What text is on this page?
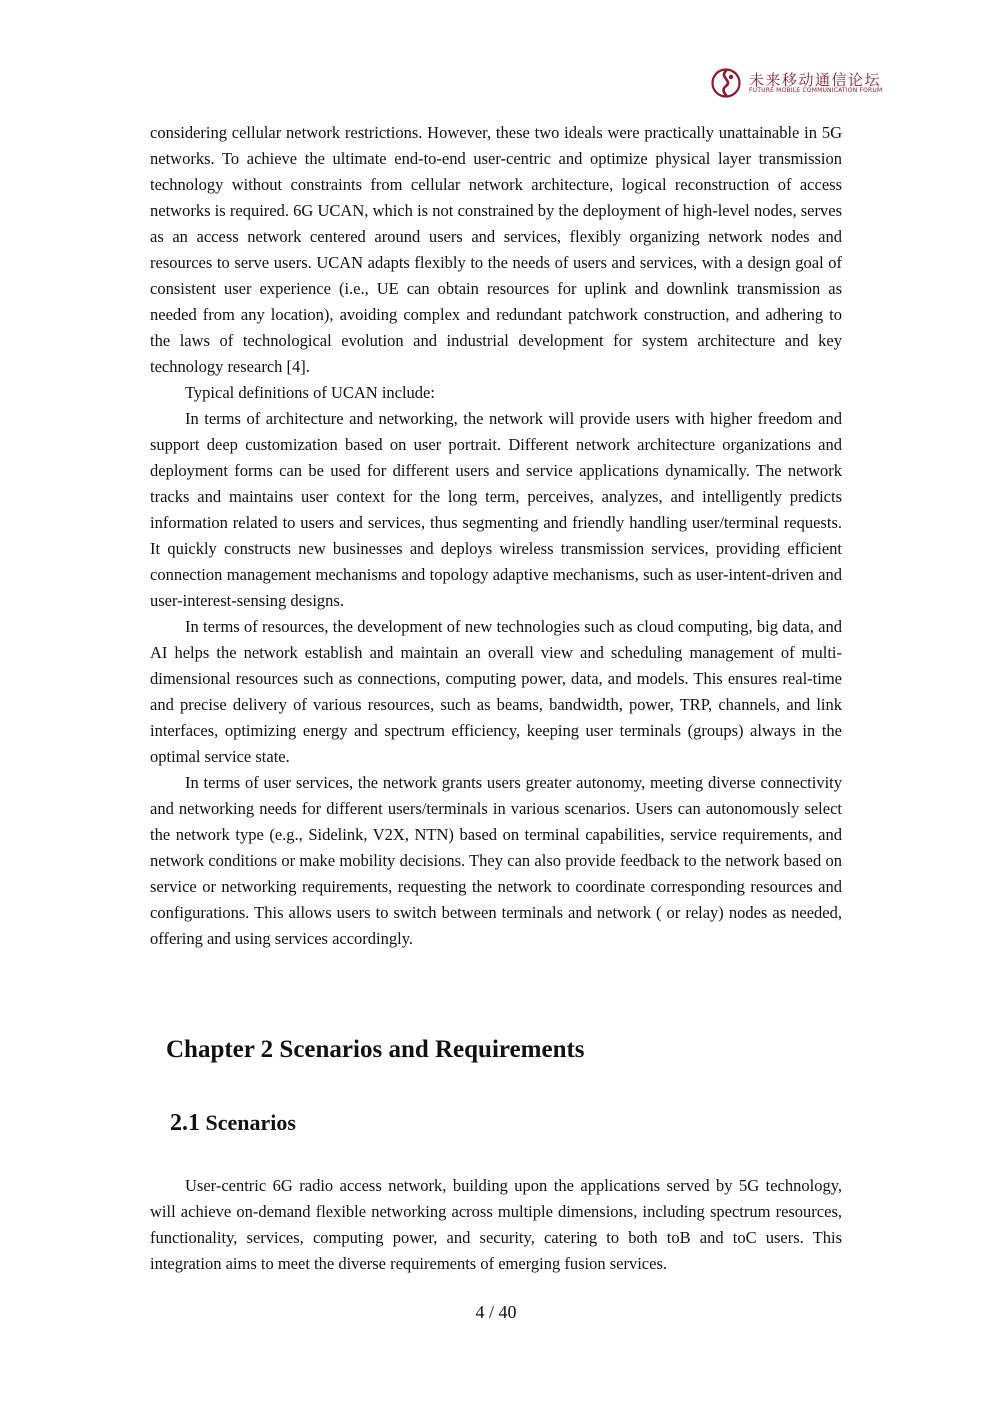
未来移动通信论坛
FUTURE MOBILE COMMUNICATION FORUM

considering cellular network restrictions. However, these two ideals were practically unattainable in 5G networks. To achieve the ultimate end-to-end user-centric and optimize physical layer transmission technology without constraints from cellular network architecture, logical reconstruction of access networks is required. 6G UCAN, which is not constrained by the deployment of high-level nodes, serves as an access network centered around users and services, flexibly organizing network nodes and resources to serve users. UCAN adapts flexibly to the needs of users and services, with a design goal of consistent user experience (i.e., UE can obtain resources for uplink and downlink transmission as needed from any location), avoiding complex and redundant patchwork construction, and adhering to the laws of technological evolution and industrial development for system architecture and key technology research [4].

Typical definitions of UCAN include:

In terms of architecture and networking, the network will provide users with higher freedom and support deep customization based on user portrait. Different network architecture organizations and deployment forms can be used for different users and service applications dynamically. The network tracks and maintains user context for the long term, perceives, analyzes, and intelligently predicts information related to users and services, thus segmenting and friendly handling user/terminal requests. It quickly constructs new businesses and deploys wireless transmission services, providing efficient connection management mechanisms and topology adaptive mechanisms, such as user-intent-driven and user-interest-sensing designs.

In terms of resources, the development of new technologies such as cloud computing, big data, and AI helps the network establish and maintain an overall view and scheduling management of multi-dimensional resources such as connections, computing power, data, and models. This ensures real-time and precise delivery of various resources, such as beams, bandwidth, power, TRP, channels, and link interfaces, optimizing energy and spectrum efficiency, keeping user terminals (groups) always in the optimal service state.

In terms of user services, the network grants users greater autonomy, meeting diverse connectivity and networking needs for different users/terminals in various scenarios. Users can autonomously select the network type (e.g., Sidelink, V2X, NTN) based on terminal capabilities, service requirements, and network conditions or make mobility decisions. They can also provide feedback to the network based on service or networking requirements, requesting the network to coordinate corresponding resources and configurations. This allows users to switch between terminals and network ( or relay) nodes as needed, offering and using services accordingly.

Chapter 2 Scenarios and Requirements
2.1 Scenarios

User-centric 6G radio access network, building upon the applications served by 5G technology, will achieve on-demand flexible networking across multiple dimensions, including spectrum resources, functionality, services, computing power, and security, catering to both toB and toC users. This integration aims to meet the diverse requirements of emerging fusion services.

4 / 40
